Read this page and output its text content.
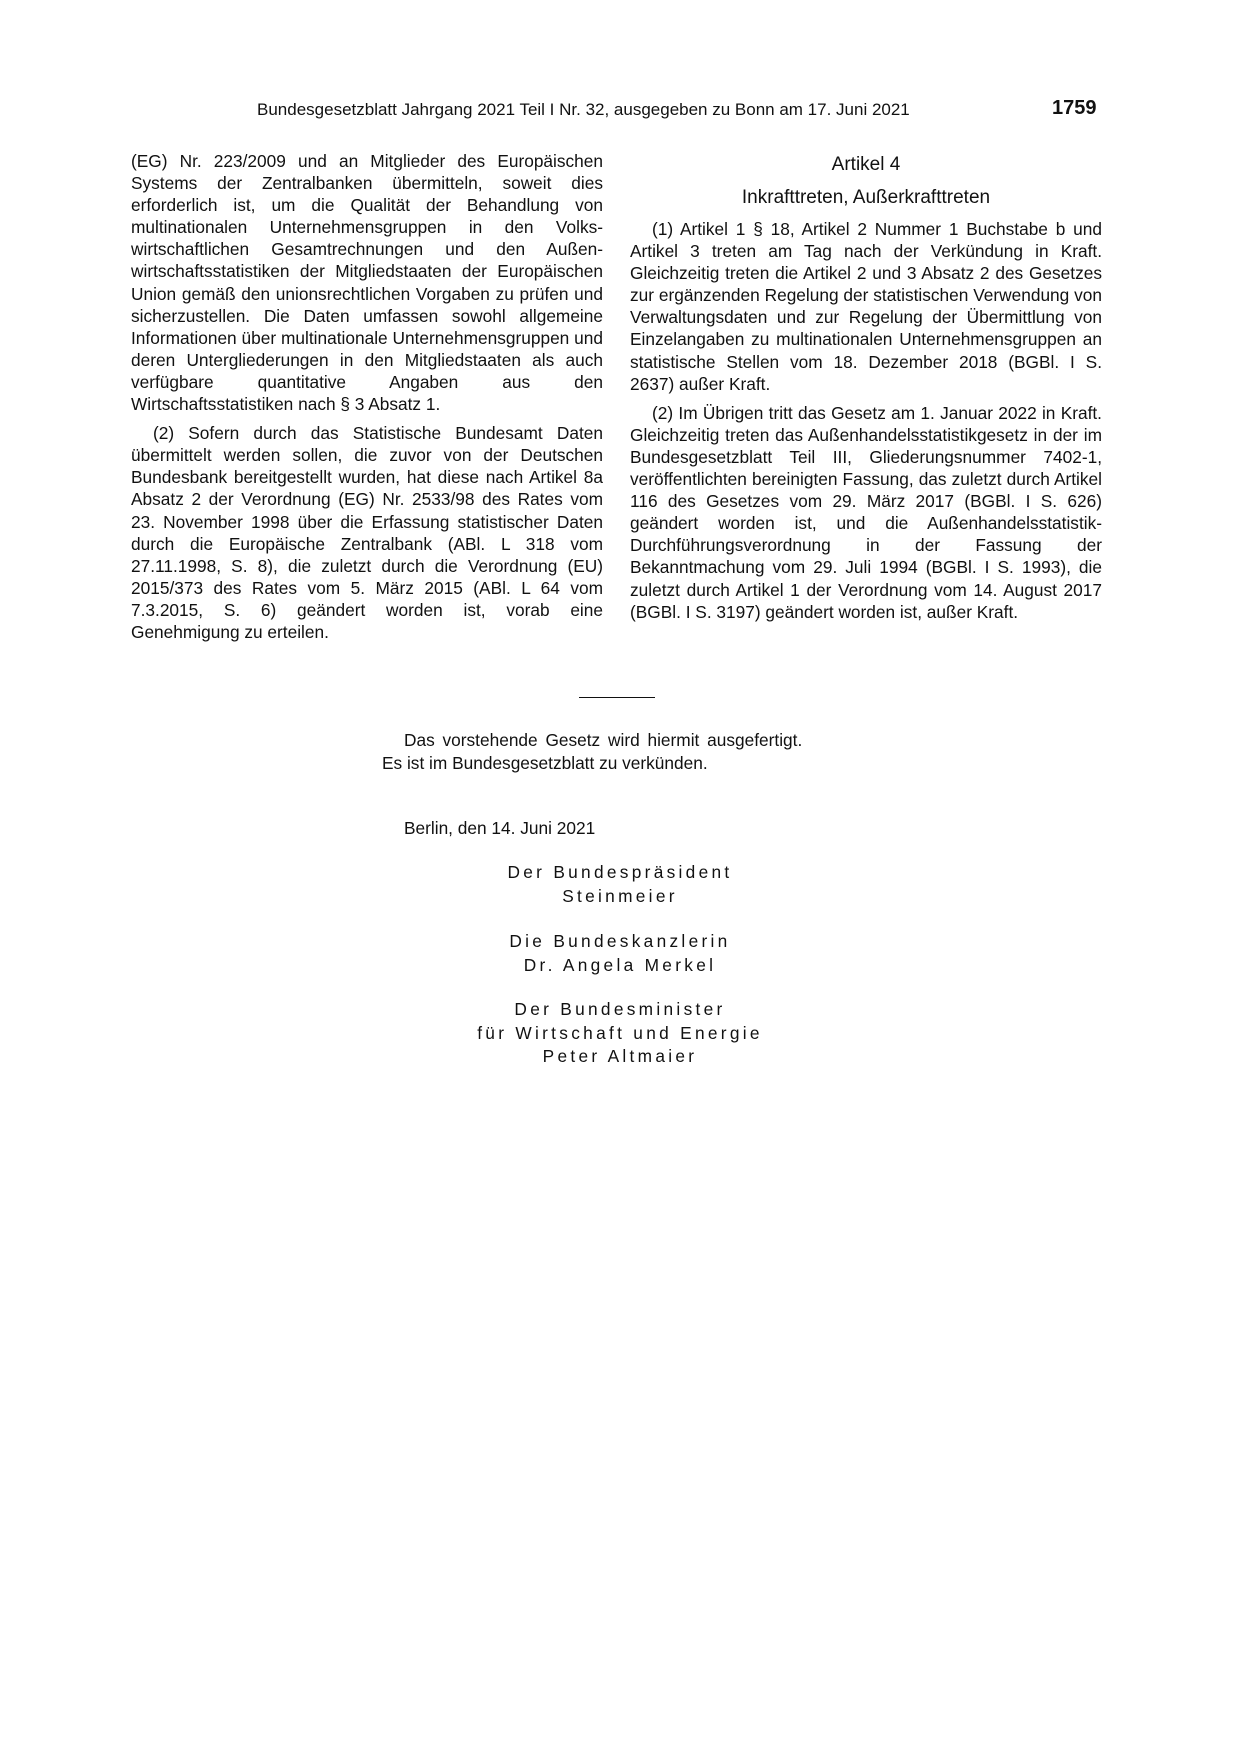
Bundesgesetzblatt Jahrgang 2021 Teil I Nr. 32, ausgegeben zu Bonn am 17. Juni 2021	1759

(EG) Nr. 223/2009 und an Mitglieder des Europäischen Systems der Zentralbanken übermitteln, soweit dies erforderlich ist, um die Qualität der Behandlung von multinationalen Unternehmensgruppen in den Volkswirtschaftlichen Gesamtrechnungen und den Außenwirtschaftsstatistiken der Mitgliedstaaten der Europäischen Union gemäß den unionsrechtlichen Vorgaben zu prüfen und sicherzustellen. Die Daten umfassen sowohl allgemeine Informationen über multinationale Unternehmensgruppen und deren Untergliederungen in den Mitgliedstaaten als auch verfügbare quantitative Angaben aus den Wirtschaftsstatistiken nach § 3 Absatz 1.

(2) Sofern durch das Statistische Bundesamt Daten übermittelt werden sollen, die zuvor von der Deutschen Bundesbank bereitgestellt wurden, hat diese nach Artikel 8a Absatz 2 der Verordnung (EG) Nr. 2533/98 des Rates vom 23. November 1998 über die Erfassung statistischer Daten durch die Europäische Zentralbank (ABl. L 318 vom 27.11.1998, S. 8), die zuletzt durch die Verordnung (EU) 2015/373 des Rates vom 5. März 2015 (ABl. L 64 vom 7.3.2015, S. 6) geändert worden ist, vorab eine Genehmigung zu erteilen.

Artikel 4
Inkrafttreten, Außerkrafttreten

(1) Artikel 1 § 18, Artikel 2 Nummer 1 Buchstabe b und Artikel 3 treten am Tag nach der Verkündung in Kraft. Gleichzeitig treten die Artikel 2 und 3 Absatz 2 des Gesetzes zur ergänzenden Regelung der statistischen Verwendung von Verwaltungsdaten und zur Regelung der Übermittlung von Einzelangaben zu multinationalen Unternehmensgruppen an statistische Stellen vom 18. Dezember 2018 (BGBl. I S. 2637) außer Kraft.

(2) Im Übrigen tritt das Gesetz am 1. Januar 2022 in Kraft. Gleichzeitig treten das Außenhandelsstatistikgesetz in der im Bundesgesetzblatt Teil III, Gliederungsnummer 7402-1, veröffentlichten bereinigten Fassung, das zuletzt durch Artikel 116 des Gesetzes vom 29. März 2017 (BGBl. I S. 626) geändert worden ist, und die Außenhandelsstatistik-Durchführungsverordnung in der Fassung der Bekanntmachung vom 29. Juli 1994 (BGBl. I S. 1993), die zuletzt durch Artikel 1 der Verordnung vom 14. August 2017 (BGBl. I S. 3197) geändert worden ist, außer Kraft.

Das vorstehende Gesetz wird hiermit ausgefertigt.
Es ist im Bundesgesetzblatt zu verkünden.
Berlin, den 14. Juni 2021
Der Bundespräsident
Steinmeier
Die Bundeskanzlerin
Dr. Angela Merkel
Der Bundesminister
für Wirtschaft und Energie
Peter Altmaier
